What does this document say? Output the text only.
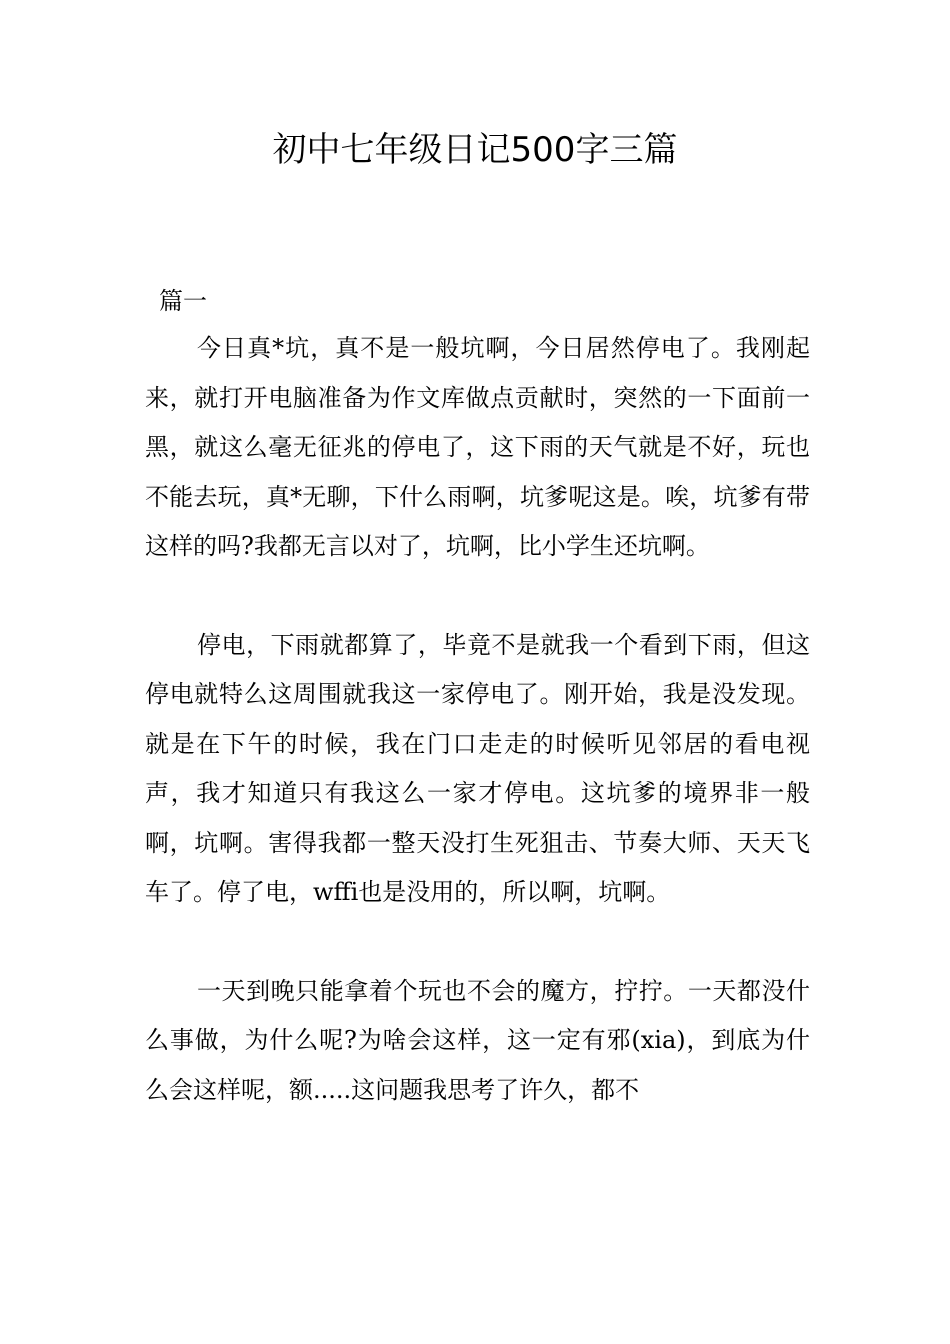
初中七年级日记500字三篇

篇一

今日真*坑，真不是一般坑啊，今日居然停电了。我刚起来，就打开电脑准备为作文库做点贡献时，突然的一下面前一黑，就这么毫无征兆的停电了，这下雨的天气就是不好，玩也不能去玩，真*无聊，下什么雨啊，坑爹呢这是。唉，坑爹有带这样的吗?我都无言以对了，坑啊，比小学生还坑啊。

停电，下雨就都算了，毕竟不是就我一个看到下雨，但这停电就特么这周围就我这一家停电了。刚开始，我是没发现。就是在下午的时候，我在门口走走的时候听见邻居的看电视声，我才知道只有我这么一家才停电。这坑爹的境界非一般啊，坑啊。害得我都一整天没打生死狙击、节奏大师、天天飞车了。停了电，wffi也是没用的，所以啊，坑啊。

一天到晚只能拿着个玩也不会的魔方，拧拧。一天都没什么事做，为什么呢?为啥会这样，这一定有邪(xia)，到底为什么会这样呢，额.....这问题我思考了许久，都不
